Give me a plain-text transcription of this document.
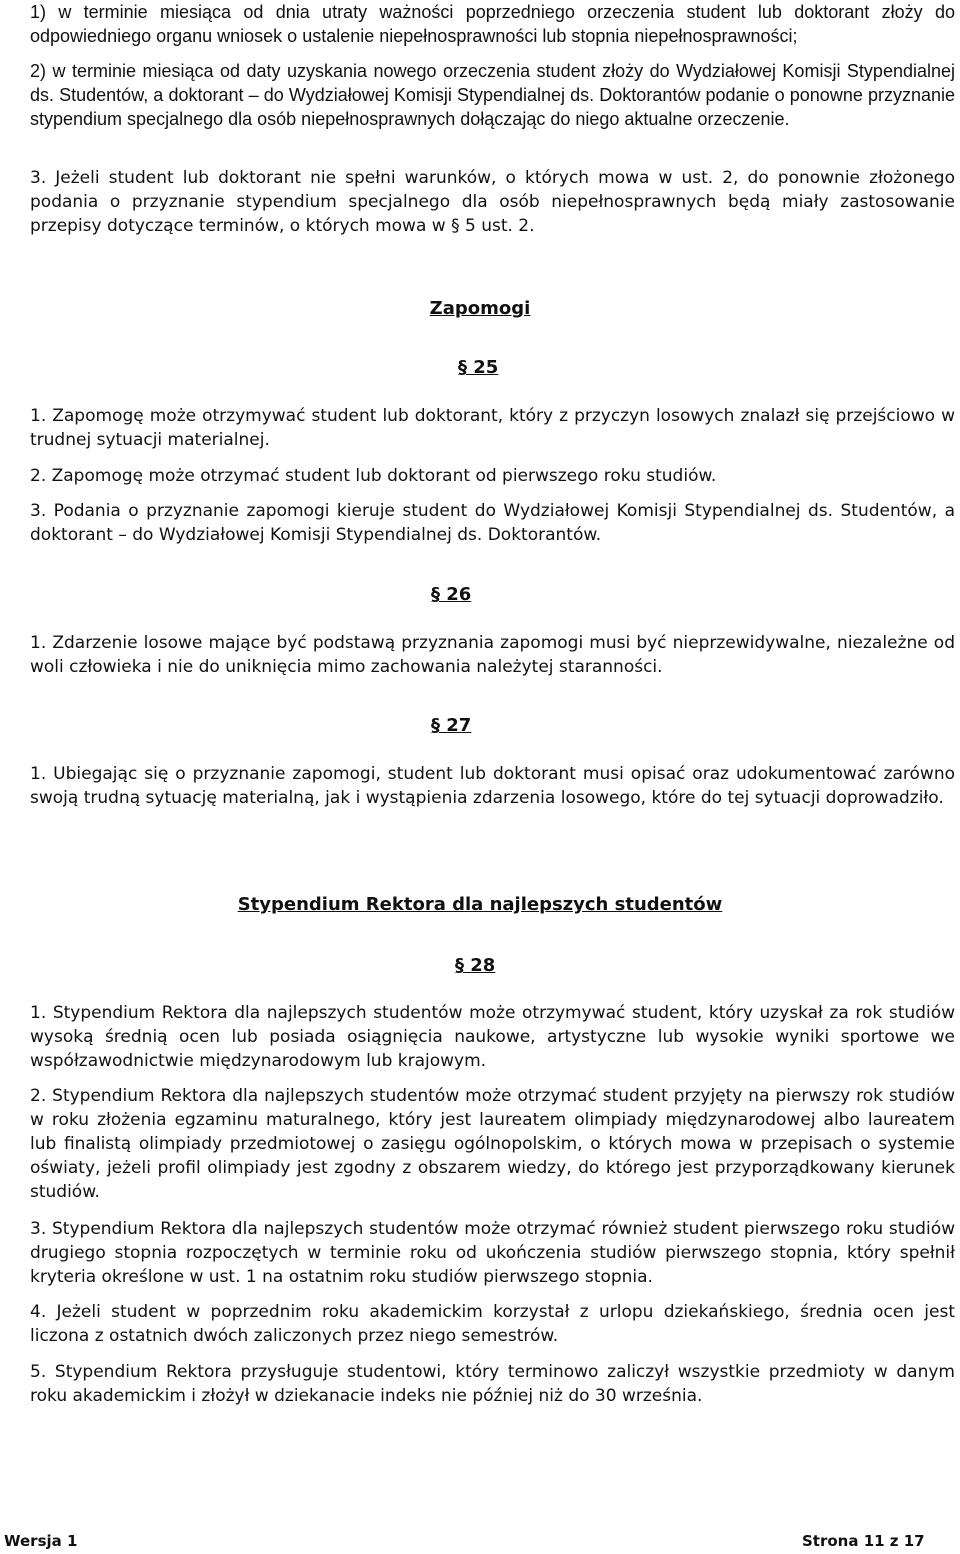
1) w terminie miesiąca od dnia utraty ważności poprzedniego orzeczenia student lub doktorant złoży do odpowiedniego organu wniosek o ustalenie niepełnosprawności lub stopnia niepełnosprawności;

2) w terminie miesiąca od daty uzyskania nowego orzeczenia student złoży do Wydziałowej Komisji Stypendialnej ds. Studentów, a doktorant – do Wydziałowej Komisji Stypendialnej ds. Doktorantów podanie o ponowne przyznanie stypendium specjalnego dla osób niepełnosprawnych dołączając do niego aktualne orzeczenie.

3. Jeżeli student lub doktorant nie spełni warunków, o których mowa w ust. 2, do ponownie złożonego podania o przyznanie stypendium specjalnego dla osób niepełnosprawnych będą miały zastosowanie przepisy dotyczące terminów, o których mowa w § 5 ust. 2.

Zapomogi
§ 25

1. Zapomogę może otrzymywać student lub doktorant, który z przyczyn losowych znalazł się przejściowo w trudnej sytuacji materialnej.

2. Zapomogę może otrzymać student lub doktorant od pierwszego roku studiów.

3. Podania o przyznanie zapomogi kieruje student do Wydziałowej Komisji Stypendialnej ds. Studentów, a doktorant – do Wydziałowej Komisji Stypendialnej ds. Doktorantów.

§ 26

1. Zdarzenie losowe mające być podstawą przyznania zapomogi musi być nieprzewidywalne, niezależne od woli człowieka i nie do uniknięcia mimo zachowania należytej staranności.

§ 27

1. Ubiegając się o przyznanie zapomogi, student lub doktorant musi opisać oraz udokumentować zarówno swoją trudną sytuację materialną, jak i wystąpienia zdarzenia losowego, które do tej sytuacji doprowadziło.

Stypendium Rektora dla najlepszych studentów
§ 28

1. Stypendium Rektora dla najlepszych studentów może otrzymywać student, który uzyskał za rok studiów wysoką średnią ocen lub posiada osiągnięcia naukowe, artystyczne lub wysokie wyniki sportowe we współzawodnictwie międzynarodowym lub krajowym.

2. Stypendium Rektora dla najlepszych studentów może otrzymać student przyjęty na pierwszy rok studiów w roku złożenia egzaminu maturalnego, który jest laureatem olimpiady międzynarodowej albo laureatem lub finalistą olimpiady przedmiotowej o zasięgu ogólnopolskim, o których mowa w przepisach o systemie oświaty, jeżeli profil olimpiady jest zgodny z obszarem wiedzy, do którego jest przyporządkowany kierunek studiów.

3. Stypendium Rektora dla najlepszych studentów może otrzymać również student pierwszego roku studiów drugiego stopnia rozpoczętych w terminie roku od ukończenia studiów pierwszego stopnia, który spełnił kryteria określone w ust. 1 na ostatnim roku studiów pierwszego stopnia.

4. Jeżeli student w poprzednim roku akademickim korzystał z urlopu dziekańskiego, średnia ocen jest liczona z ostatnich dwóch zaliczonych przez niego semestrów.

5. Stypendium Rektora przysługuje studentowi, który terminowo zaliczył wszystkie przedmioty w danym roku akademickim i złożył w dziekanacie indeks nie później niż do 30 września.

Wersja 1	Strona 11 z 17
